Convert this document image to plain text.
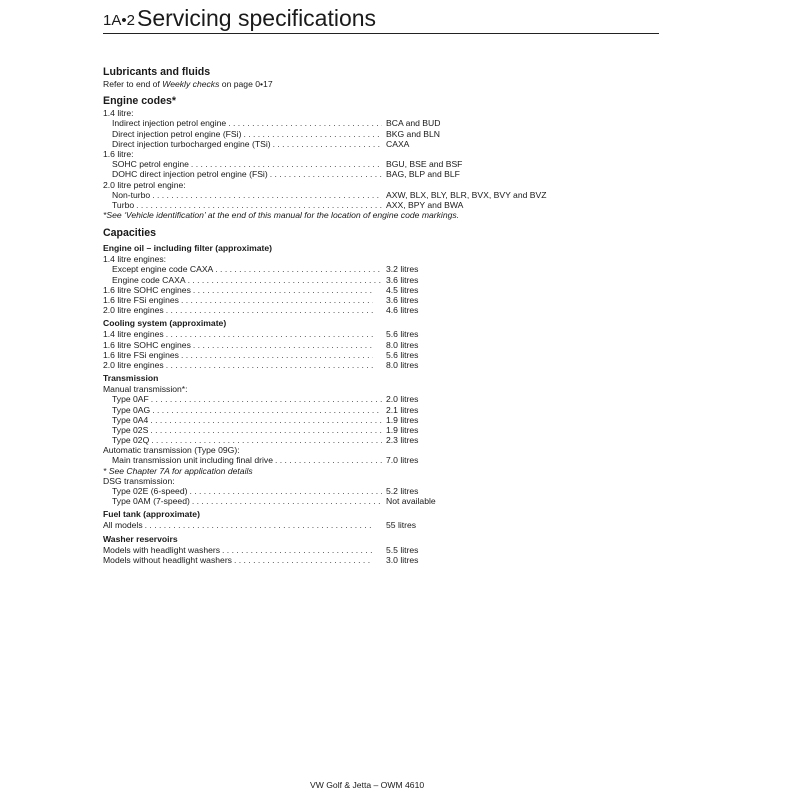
1A•2 Servicing specifications
Lubricants and fluids
Refer to end of Weekly checks on page 0•17
Engine codes*
1.4 litre:
Indirect injection petrol engine . . .	BCA and BUD
Direct injection petrol engine (FSi) . . .	BKG and BLN
Direct injection turbocharged engine (TSi) . . .	CAXA
1.6 litre:
SOHC petrol engine . . .	BGU, BSE and BSF
DOHC direct injection petrol engine (FSi) . . .	BAG, BLP and BLF
2.0 litre petrol engine:
Non-turbo . . .	AXW, BLX, BLY, BLR, BVX, BVY and BVZ
Turbo . . .	AXX, BPY and BWA
*See ‘Vehicle identification’ at the end of this manual for the location of engine code markings.
Capacities
Engine oil – including filter (approximate)
1.4 litre engines:
Except engine code CAXA . . .	3.2 litres
Engine code CAXA . . .	3.6 litres
1.6 litre SOHC engines . . .	4.5 litres
1.6 litre FSi engines . . .	3.6 litres
2.0 litre engines . . .	4.6 litres
Cooling system (approximate)
1.4 litre engines . . .	5.6 litres
1.6 litre SOHC engines . . .	8.0 litres
1.6 litre FSi engines . . .	5.6 litres
2.0 litre engines . . .	8.0 litres
Transmission
Manual transmission*:
Type 0AF . . .	2.0 litres
Type 0AG . . .	2.1 litres
Type 0A4 . . .	1.9 litres
Type 02S . . .	1.9 litres
Type 02Q . . .	2.3 litres
Automatic transmission (Type 09G):
Main transmission unit including final drive . . .	7.0 litres
* See Chapter 7A for application details
DSG transmission:
Type 02E (6-speed) . . .	5.2 litres
Type 0AM (7-speed) . . .	Not available
Fuel tank (approximate)
All models . . .	55 litres
Washer reservoirs
Models with headlight washers . . .	5.5 litres
Models without headlight washers . . .	3.0 litres
VW Golf & Jetta – OWM 4610
